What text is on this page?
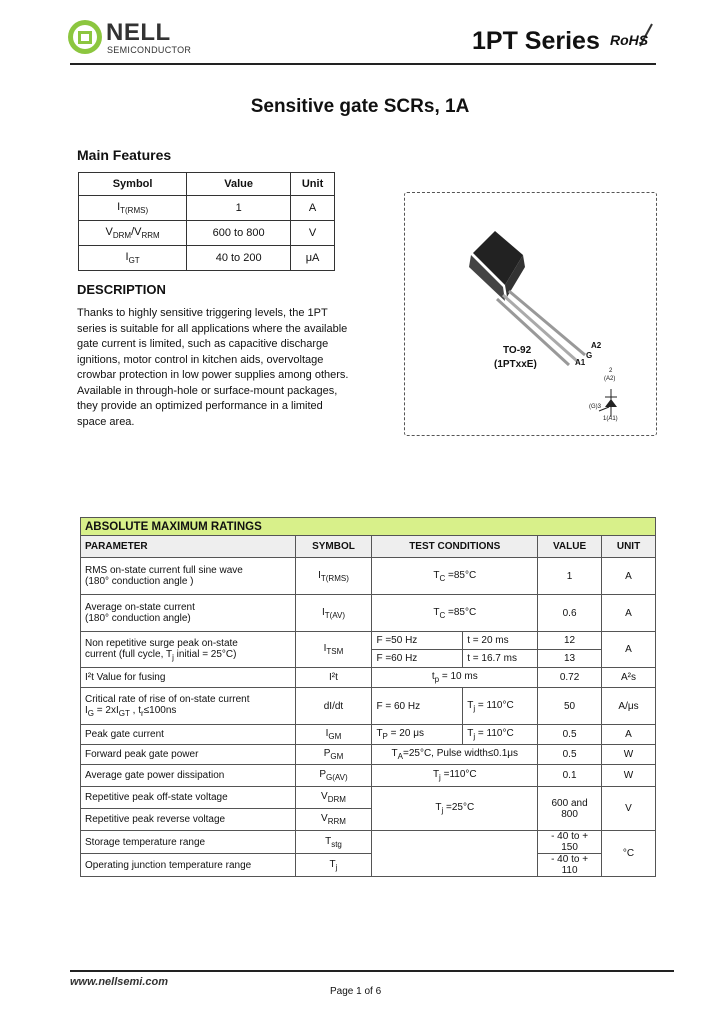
NELL
SEMICONDUCTOR	1PT Series RoHS
Sensitive gate SCRs, 1A
Main Features
Symbol	Value	Unit
$I_{T(RMS)}$	1	A
$V_{DRM}/V_{RRM}$	600 to 800	V
$I_{GT}$	40 to 200	μA
DESCRIPTION
Thanks to highly sensitive triggering levels, the 1PT
series is suitable for all applications where the available
gate current is limited, such as capacitive discharge
ignitions, motor control in kitchen aids, overvoltage
crowbar protection in low power supplies among others.
Available in through-hole or surface-mount packages,
they provide an optimized performance in a limited
space area.
A2
G
A1
TO-92
(1PTxxE)
2
(A2)
(G)3
1(A1)
ABSOLUTE MAXIMUM RATINGS					
PARAMETER	SYMBOL	TEST CONDITIONS		VALUE	UNIT

RMS on-state current full sine wave
(180° conduction angle )	$I_{T(RMS)}$	$T_C =85^\circ C$		1	A

Average on-state current
(180° conduction angle)	$I_{T(AV)}$	$T_C =85^\circ C$		0.6	A

Non repetitive surge peak on-state
current (full cycle, $T_j$ initial = 25°C)	$I_{TSM}$	F =50 Hz	t = 20 ms	12	A
		F =60 Hz	t = 16.7 ms	13	
I²t Value for fusing	I²t	$t_p = 10$ ms		0.72	A²s

Critical rate of rise of on-state current
$I_G = 2xI_{GT}$ , $t_r\le 100ns$	dI/dt	F = 60 Hz	$T_j = 110^\circ C$	50	A/μs
Peak gate current	$I_{GM}$	$T_P = 20$ μs	$T_j = 110^\circ C$	0.5	A
Forward peak gate power	$P_{GM}$	$T_A=25^\circ C$, Pulse width≤0.1μs		0.5	W
Average gate power dissipation	$P_{G(AV)}$	$T_j =110^\circ C$		0.1	W
Repetitive peak off-state voltage	$V_{DRM}$	$T_j =25^\circ C$		600 and 800	V
Repetitive peak reverse voltage	$V_{RRM}$
Storage temperature range	$T_{stg}$			- 40 to + 150	°C
Operating junction temperature range	$T_j$			- 40 to + 110	
www.nellsemi.com
Page 1 of 6
